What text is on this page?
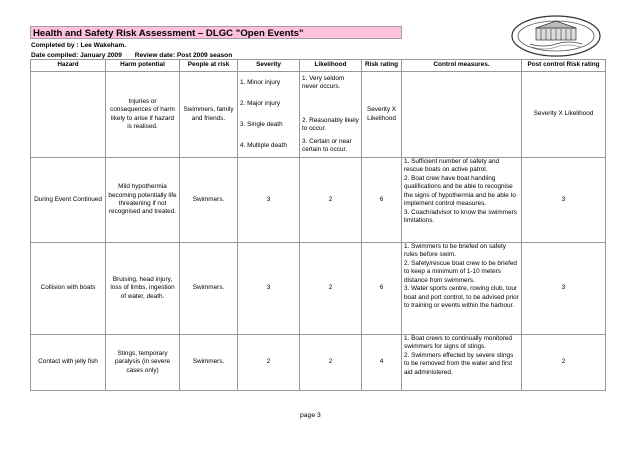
Health and Safety Risk Assessment – DLGC "Open Events"
Completed by : Lee Wakeham.
Date compiled: January 2009 Review date: Post 2009 season
Hazard	Harm potential	People at risk	Severity	Likelihood	Risk rating	Control measures.	Post control Risk rating
	Injuries or consequences of harm likely to arise if hazard is realised.	Swimmers, family and friends.	1. Minor injury
2. Major injury
3. Single death
4. Multiple death	1. Very seldom never occurs.
2. Reasonably likely to occur.
3. Certain or near certain to occur.	Severity X Likelihood		Severity X Likelihood
During Event Continued	Mild hypothermia becoming potentially life threatening if not recognised and treated.	Swimmers.	3	2	6	1. Sufficient number of safety and rescue boats on active patrol.
2. Boat crew have boat handling qualifications and be able to recognise the signs of hypothermia and be able to implement control measures.
3. Coach/advisor to know the swimmers limitations.	3
Collision with boats	Bruising, head injury, loss of limbs, ingestion of water, death.	Swimmers.	3	2	6	1. Swimmers to be briefed on safety rules before swim.
2. Safety/rescue boat crew to be briefed to keep a minimum of 1-10 meters distance from swimmers.
3. Water sports centre, rowing club, tour boat and port control, to be advised prior to training or events within the harbour.	3
Contact with jelly fish	Stings, temporary paralysis (in severe cases only)	Swimmers.	2	2	4	1. Boat crews to continually monitored swimmers for signs of stings.
2. Swimmers effected by severe stings to be removed from the water and first aid administered.	2
page 3
